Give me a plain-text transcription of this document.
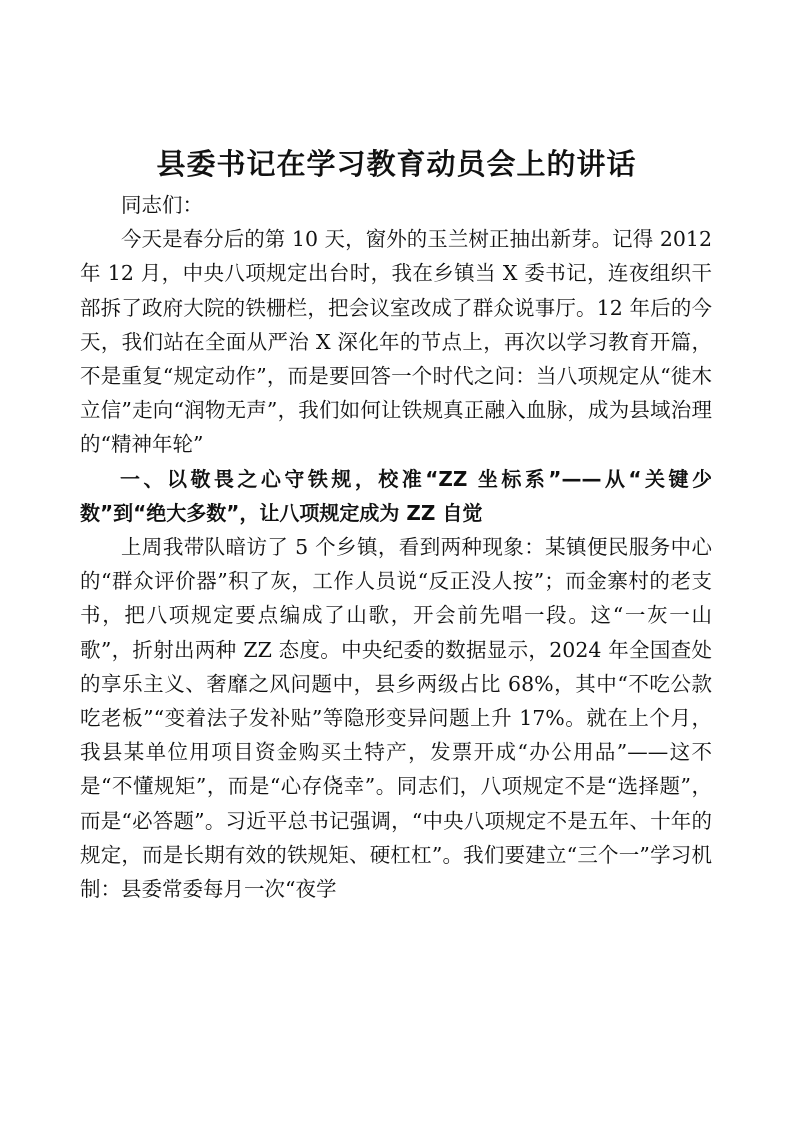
县委书记在学习教育动员会上的讲话

同志们：

今天是春分后的第 10 天，窗外的玉兰树正抽出新芽。记得 2012 年 12 月，中央八项规定出台时，我在乡镇当 X 委书记，连夜组织干部拆了政府大院的铁栅栏，把会议室改成了群众说事厅。12 年后的今天，我们站在全面从严治 X 深化年的节点上，再次以学习教育开篇，不是重复“规定动作”，而是要回答一个时代之问：当八项规定从“徙木立信”走向“润物无声”，我们如何让铁规真正融入血脉，成为县域治理的“精神年轮”

一、以敬畏之心守铁规，校准“ZZ 坐标系”——从“关键少数”到“绝大多数”，让八项规定成为 ZZ 自觉

上周我带队暗访了 5 个乡镇，看到两种现象：某镇便民服务中心的“群众评价器”积了灰，工作人员说“反正没人按”；而金寨村的老支书，把八项规定要点编成了山歌，开会前先唱一段。这“一灰一山歌”，折射出两种 ZZ 态度。中央纪委的数据显示，2024 年全国查处的享乐主义、奢靡之风问题中，县乡两级占比 68%，其中“不吃公款吃老板”“变着法子发补贴”等隐形变异问题上升 17%。就在上个月，我县某单位用项目资金购买土特产，发票开成“办公用品”——这不是“不懂规矩”，而是“心存侥幸”。同志们，八项规定不是“选择题”，而是“必答题”。习近平总书记强调，“中央八项规定不是五年、十年的规定，而是长期有效的铁规矩、硬杠杠”。我们要建立“三个一”学习机制：县委常委每月一次“夜学
